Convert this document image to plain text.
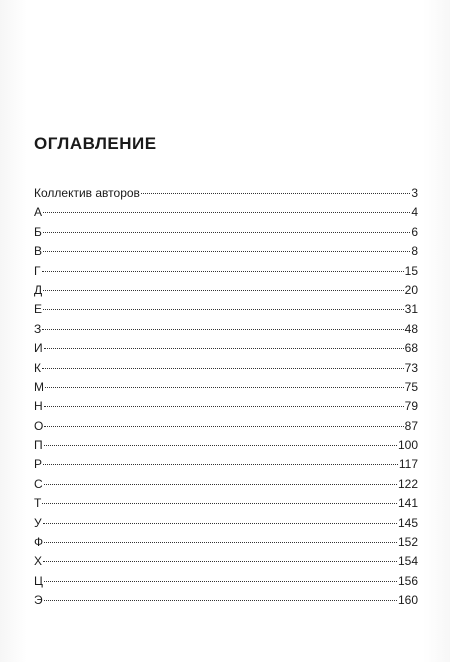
ОГЛАВЛЕНИЕ
Коллектив авторов	3
А	4
Б	6
В	8
Г	15
Д	20
Е	31
З	48
И	68
К	73
М	75
Н	79
О	87
П	100
Р	117
С	122
Т	141
У	145
Ф	152
Х	154
Ц	156
Э	160
